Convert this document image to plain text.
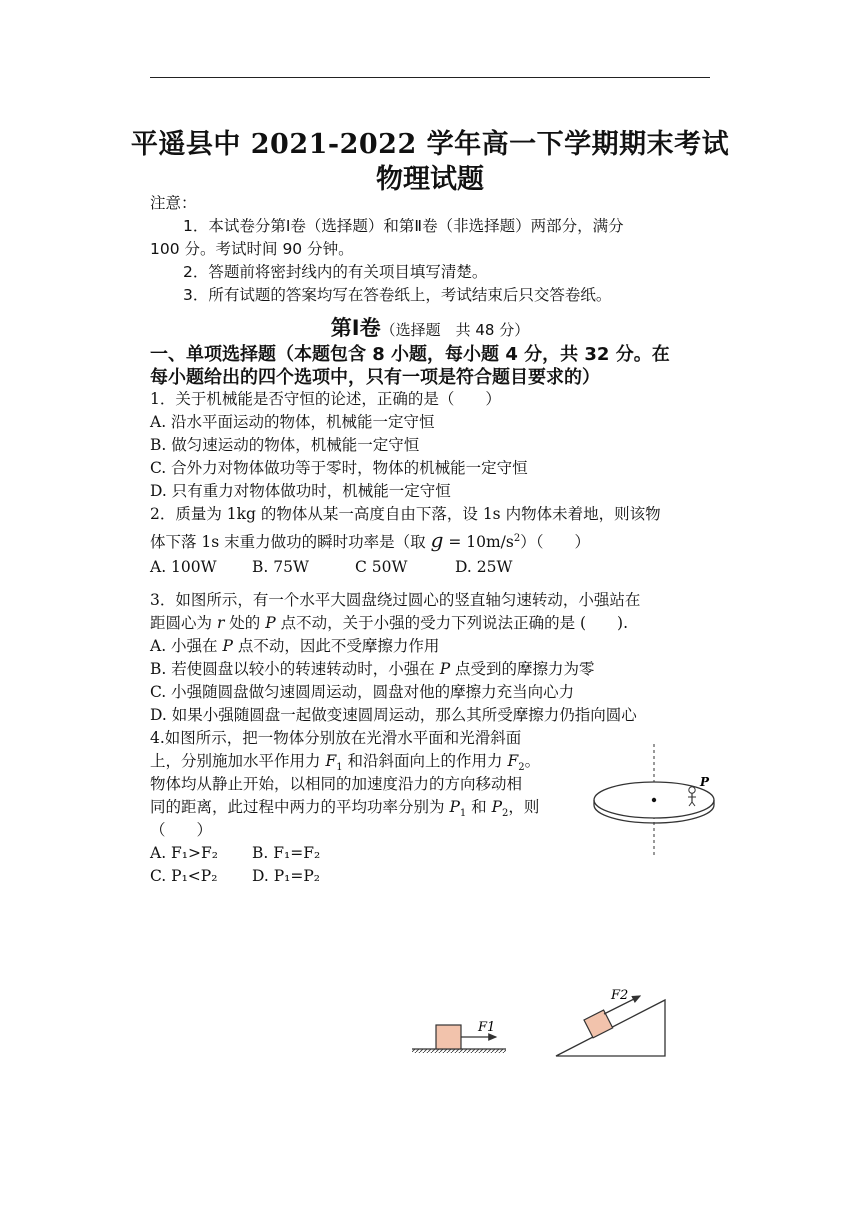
平遥县中 2021-2022 学年高一下学期期末考试
物理试题
注意：
1．本试卷分第Ⅰ卷（选择题）和第Ⅱ卷（非选择题）两部分，满分
100 分。考试时间 90 分钟。
2．答题前将密封线内的有关项目填写清楚。
3．所有试题的答案均写在答卷纸上，考试结束后只交答卷纸。
第Ⅰ卷（选择题　共 48 分）
一、单项选择题（本题包含 8 小题，每小题 4 分，共 32 分。在
每小题给出的四个选项中，只有一项是符合题目要求的）
1．关于机械能是否守恒的论述，正确的是（　　）
A. 沿水平面运动的物体，机械能一定守恒
B. 做匀速运动的物体，机械能一定守恒
C. 合外力对物体做功等于零时，物体的机械能一定守恒
D. 只有重力对物体做功时，机械能一定守恒
2．质量为 1kg 的物体从某一高度自由下落，设 1s 内物体未着地，则该物
体下落 1s 末重力做功的瞬时功率是（取 $g = 10m/s^2$）（　　）
A. 100W B. 75W	C 50W	D. 25W
3．如图所示，有一个水平大圆盘绕过圆心的竖直轴匀速转动，小强站在
距圆心为 r 处的 P 点不动，关于小强的受力下列说法正确的是 (　　).
A. 小强在 P 点不动，因此不受摩擦力作用
B. 若使圆盘以较小的转速转动时，小强在 P 点受到的摩擦力为零
C. 小强随圆盘做匀速圆周运动，圆盘对他的摩擦力充当向心力
D. 如果小强随圆盘一起做变速圆周运动，那么其所受摩擦力仍指向圆心
4.如图所示，把一物体分别放在光滑水平面和光滑斜面
上，分别施加水平作用力 $F_1$ 和沿斜面向上的作用力 $F_2$。
物体均从静止开始，以相同的加速度沿力的方向移动相
同的距离，此过程中两力的平均功率分别为 $P_1$ 和 $P_2$，则
（　　）
A. F₁>F₂ B. F₁=F₂
C. P₁<P₂ D. P₁=P₂
P
F1
F2
